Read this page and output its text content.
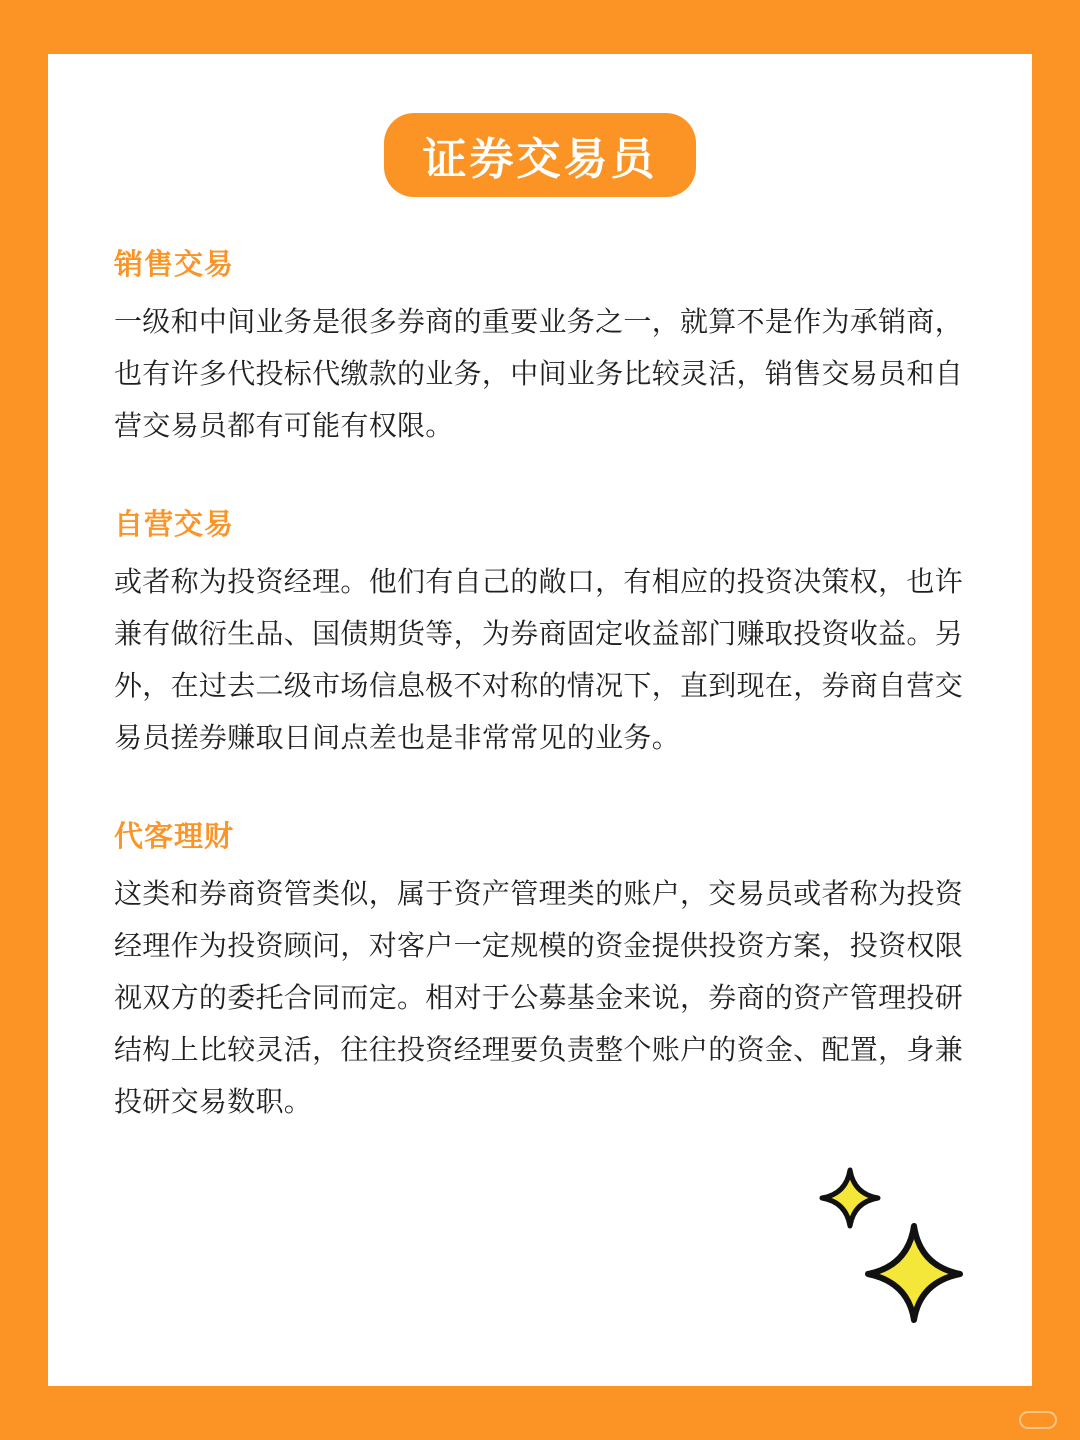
证券交易员
销售交易

一级和中间业务是很多券商的重要业务之一，就算不是作为承销商，也有许多代投标代缴款的业务，中间业务比较灵活，销售交易员和自营交易员都有可能有权限。

自营交易

或者称为投资经理。他们有自己的敞口，有相应的投资决策权，也许兼有做衍生品、国债期货等，为券商固定收益部门赚取投资收益。另外，在过去二级市场信息极不对称的情况下，直到现在，券商自营交易员搓券赚取日间点差也是非常常见的业务。

代客理财

这类和券商资管类似，属于资产管理类的账户，交易员或者称为投资经理作为投资顾问，对客户一定规模的资金提供投资方案，投资权限视双方的委托合同而定。相对于公募基金来说，券商的资产管理投研结构上比较灵活，往往投资经理要负责整个账户的资金、配置，身兼投研交易数职。
